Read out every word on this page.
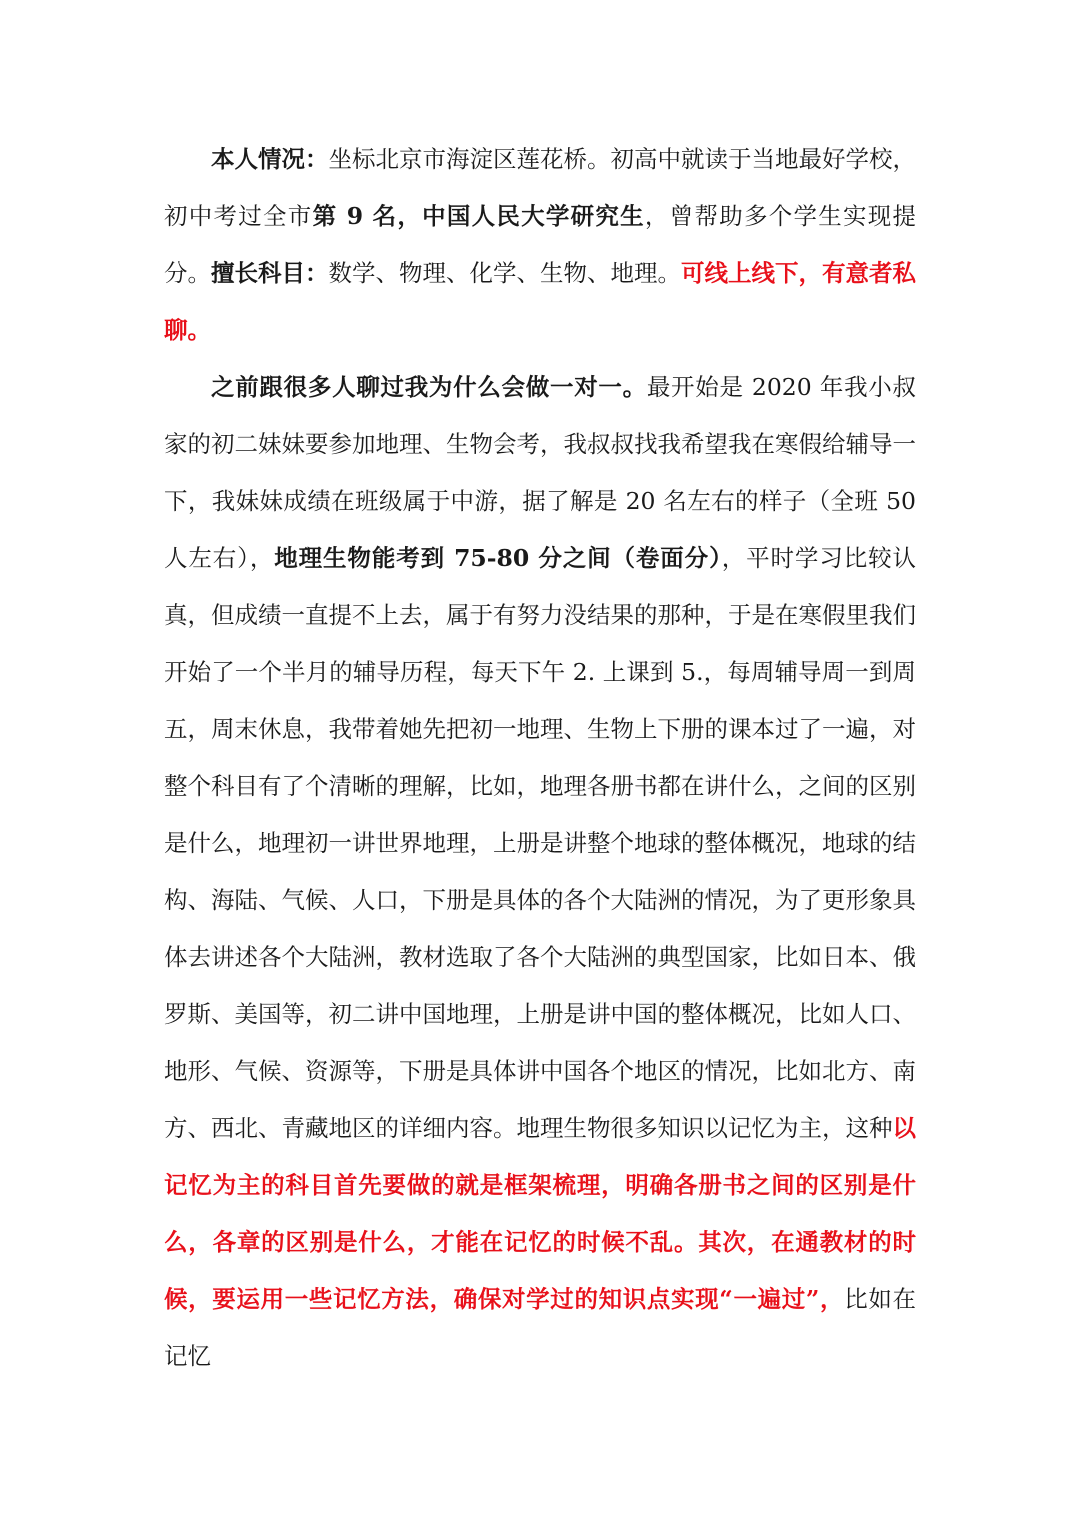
本人情况：坐标北京市海淀区莲花桥。初高中就读于当地最好学校，初中考过全市第 9 名，中国人民大学研究生，曾帮助多个学生实现提分。擅长科目：数学、物理、化学、生物、地理。可线上线下，有意者私聊。

之前跟很多人聊过我为什么会做一对一。最开始是 2020 年我小叔家的初二妹妹要参加地理、生物会考，我叔叔找我希望我在寒假给辅导一下，我妹妹成绩在班级属于中游，据了解是 20 名左右的样子（全班 50 人左右），地理生物能考到 75-80 分之间（卷面分），平时学习比较认真，但成绩一直提不上去，属于有努力没结果的那种，于是在寒假里我们开始了一个半月的辅导历程，每天下午 2. 上课到 5.，每周辅导周一到周五，周末休息，我带着她先把初一地理、生物上下册的课本过了一遍，对整个科目有了个清晰的理解，比如，地理各册书都在讲什么，之间的区别是什么，地理初一讲世界地理，上册是讲整个地球的整体概况，地球的结构、海陆、气候、人口，下册是具体的各个大陆洲的情况，为了更形象具体去讲述各个大陆洲，教材选取了各个大陆洲的典型国家，比如日本、俄罗斯、美国等，初二讲中国地理，上册是讲中国的整体概况，比如人口、地形、气候、资源等，下册是具体讲中国各个地区的情况，比如北方、南方、西北、青藏地区的详细内容。地理生物很多知识以记忆为主，这种以记忆为主的科目首先要做的就是框架梳理，明确各册书之间的区别是什么，各章的区别是什么，才能在记忆的时候不乱。其次，在通教材的时候，要运用一些记忆方法，确保对学过的知识点实现“一遍过”，比如在记忆
